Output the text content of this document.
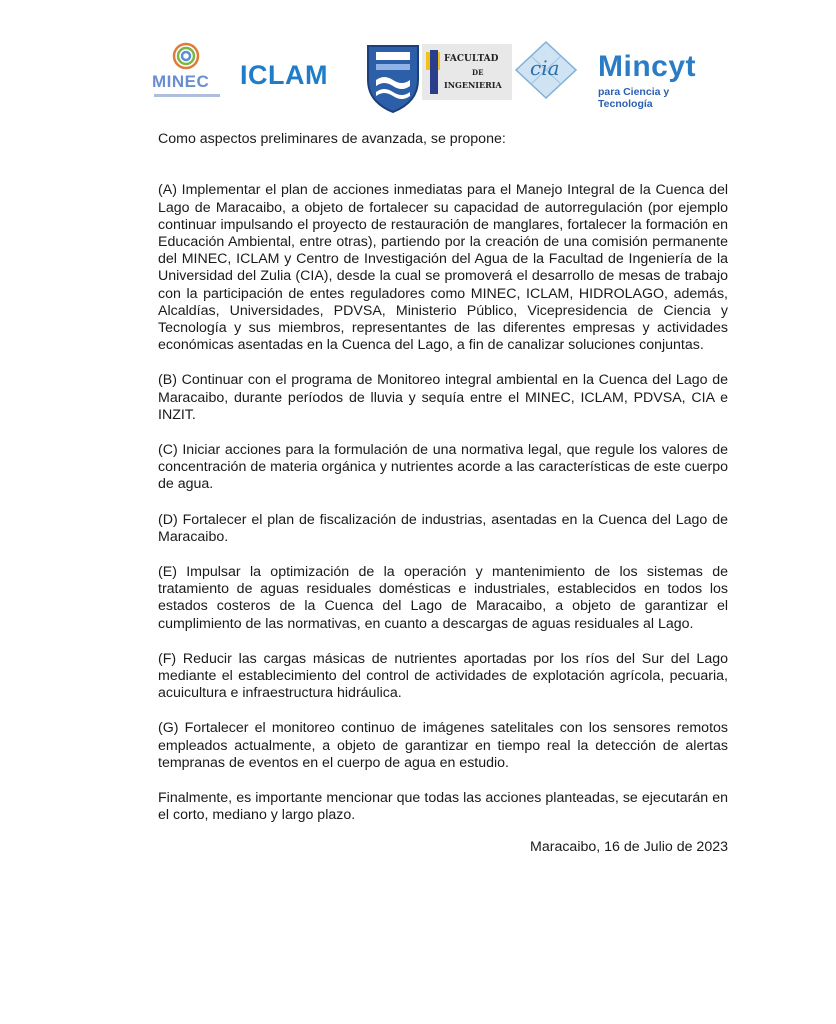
MINEC ICLAM
FACULTAD
DE
INGENIERIA
cia Mincyt
para Ciencia y Tecnología

Como aspectos preliminares de avanzada, se propone:

(A) Implementar el plan de acciones inmediatas para el Manejo Integral de la Cuenca del Lago de Maracaibo, a objeto de fortalecer su capacidad de autorregulación (por ejemplo continuar impulsando el proyecto de restauración de manglares, fortalecer la formación en Educación Ambiental, entre otras), partiendo por la creación de una comisión permanente del MINEC, ICLAM y Centro de Investigación del Agua de la Facultad de Ingeniería de la Universidad del Zulia (CIA), desde la cual se promoverá el desarrollo de mesas de trabajo con la participación de entes reguladores como MINEC, ICLAM, HIDROLAGO, además, Alcaldías, Universidades, PDVSA, Ministerio Público, Vicepresidencia de Ciencia y Tecnología y sus miembros, representantes de las diferentes empresas y actividades económicas asentadas en la Cuenca del Lago, a fin de canalizar soluciones conjuntas.

(B) Continuar con el programa de Monitoreo integral ambiental en la Cuenca del Lago de Maracaibo, durante períodos de lluvia y sequía entre el MINEC, ICLAM, PDVSA, CIA e INZIT.

(C) Iniciar acciones para la formulación de una normativa legal, que regule los valores de concentración de materia orgánica y nutrientes acorde a las características de este cuerpo de agua.

(D) Fortalecer el plan de fiscalización de industrias, asentadas en la Cuenca del Lago de Maracaibo.

(E) Impulsar la optimización de la operación y mantenimiento de los sistemas de tratamiento de aguas residuales domésticas e industriales, establecidos en todos los estados costeros de la Cuenca del Lago de Maracaibo, a objeto de garantizar el cumplimiento de las normativas, en cuanto a descargas de aguas residuales al Lago.

(F) Reducir las cargas másicas de nutrientes aportadas por los ríos del Sur del Lago mediante el establecimiento del control de actividades de explotación agrícola, pecuaria, acuicultura e infraestructura hidráulica.

(G) Fortalecer el monitoreo continuo de imágenes satelitales con los sensores remotos empleados actualmente, a objeto de garantizar en tiempo real la detección de alertas tempranas de eventos en el cuerpo de agua en estudio.

Finalmente, es importante mencionar que todas las acciones planteadas, se ejecutarán en el corto, mediano y largo plazo.

Maracaibo, 16 de Julio de 2023
